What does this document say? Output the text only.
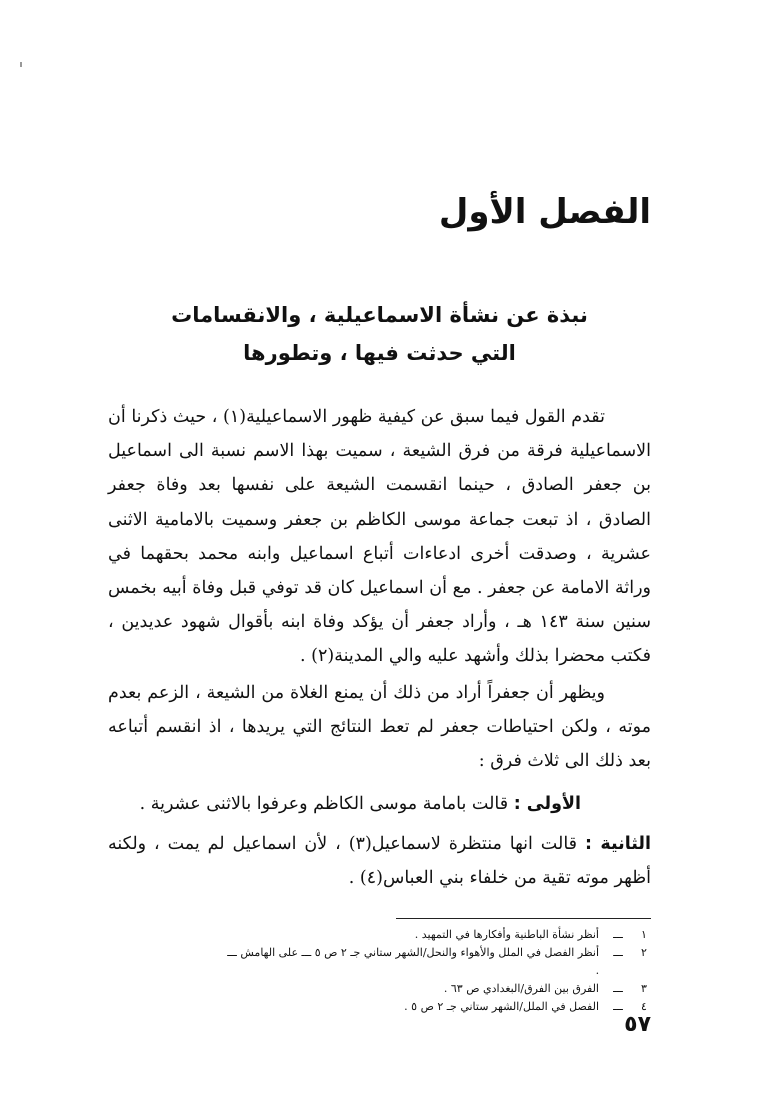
الفصل الأول
نبذة عن نشأة الاسماعيلية ، والانقسامات
التي حدثت فيها ، وتطورها

تقدم القول فيما سبق عن كيفية ظهور الاسماعيلية(١) ، حيث ذكرنا أن الاسماعيلية فرقة من فرق الشيعة ، سميت بهذا الاسم نسبة الى اسماعيل بن جعفر الصادق ، حينما انقسمت الشيعة على نفسها بعد وفاة جعفر الصادق ، اذ تبعت جماعة موسى الكاظم بن جعفر وسميت بالامامية الاثنى عشرية ، وصدقت أخرى ادعاءات أتباع اسماعيل وابنه محمد بحقهما في وراثة الامامة عن جعفر . مع أن اسماعيل كان قد توفي قبل وفاة أبيه بخمس سنين سنة ١٤٣ هـ ، وأراد جعفر أن يؤكد وفاة ابنه بأقوال شهود عديدين ، فكتب محضرا بذلك وأشهد عليه والي المدينة(٢) .

ويظهر أن جعفراً أراد من ذلك أن يمنع الغلاة من الشيعة ، الزعم بعدم موته ، ولكن احتياطات جعفر لم تعط النتائج التي يريدها ، اذ انقسم أتباعه بعد ذلك الى ثلاث فرق :

الأولى : قالت بامامة موسى الكاظم وعرفوا بالاثنى عشرية .

الثانية : قالت انها منتظرة لاسماعيل(٣) ، لأن اسماعيل لم يمت ، ولكنه أظهر موته تقية من خلفاء بني العباس(٤) .

١
ـــ
أنظر نشأة الباطنية وأفكارها في التمهيد .
٢
ـــ
أنظر الفصل في الملل والأهواء والنحل/الشهر ستاني جـ ٢ ص ٥ ـــ على الهامش ـــ .
٣
ـــ
الفرق بين الفرق/البغدادي ص ٦٣ .
٤
ـــ
الفصل في الملل/الشهر ستاني جـ ٢ ص ٥ .
٥٧
